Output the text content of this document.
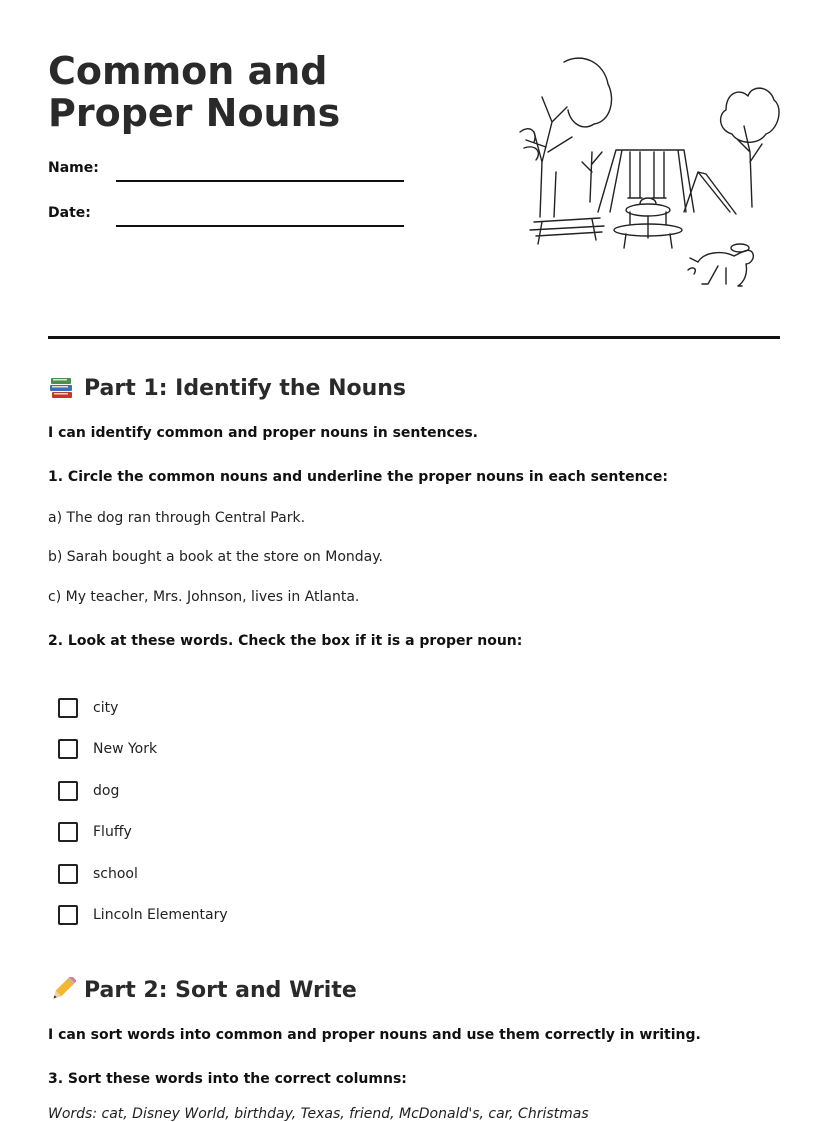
Common and Proper Nouns
Name:
Date:
Part 1: Identify the Nouns
I can identify common and proper nouns in sentences.
1. Circle the common nouns and underline the proper nouns in each sentence:
a) The dog ran through Central Park.
b) Sarah bought a book at the store on Monday.
c) My teacher, Mrs. Johnson, lives in Atlanta.
2. Look at these words. Check the box if it is a proper noun:
city
New York
dog
Fluffy
school
Lincoln Elementary
Part 2: Sort and Write
I can sort words into common and proper nouns and use them correctly in writing.
3. Sort these words into the correct columns:
Words: cat, Disney World, birthday, Texas, friend, McDonald's, car, Christmas
